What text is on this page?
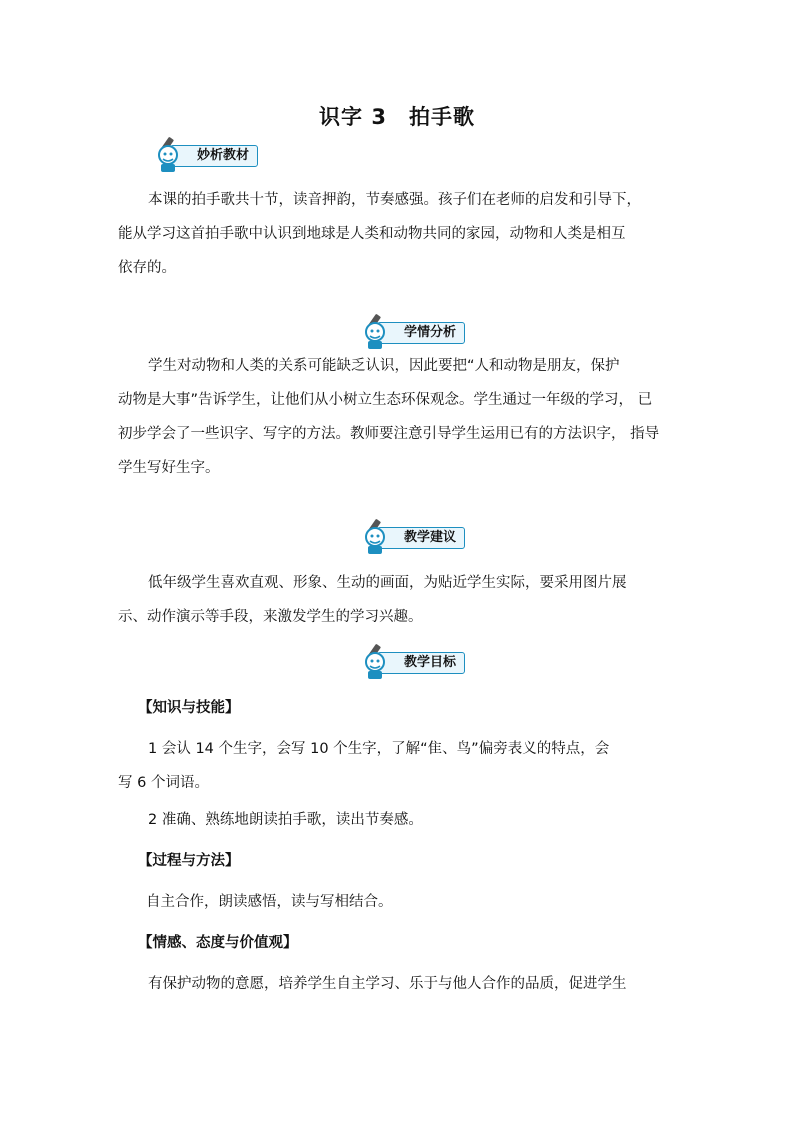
识字 3 拍手歌
妙析教材
本课的拍手歌共十节，读音押韵，节奏感强。孩子们在老师的启发和引导下，
能从学习这首拍手歌中认识到地球是人类和动物共同的家园，动物和人类是相互
依存的。
学情分析
学生对动物和人类的关系可能缺乏认识，因此要把“人和动物是朋友，保护
动物是大事”告诉学生，让他们从小树立生态环保观念。学生通过一年级的学习， 已
初步学会了一些识字、写字的方法。教师要注意引导学生运用已有的方法识字， 指导
学生写好生字。
教学建议
低年级学生喜欢直观、形象、生动的画面，为贴近学生实际，要采用图片展
示、动作演示等手段，来激发学生的学习兴趣。
教学目标
【知识与技能】
1 会认 14 个生字，会写 10 个生字，了解“隹、鸟”偏旁表义的特点，会
写 6 个词语。
2 准确、熟练地朗读拍手歌，读出节奏感。
【过程与方法】
自主合作，朗读感悟，读与写相结合。
【情感、态度与价值观】
有保护动物的意愿，培养学生自主学习、乐于与他人合作的品质，促进学生
